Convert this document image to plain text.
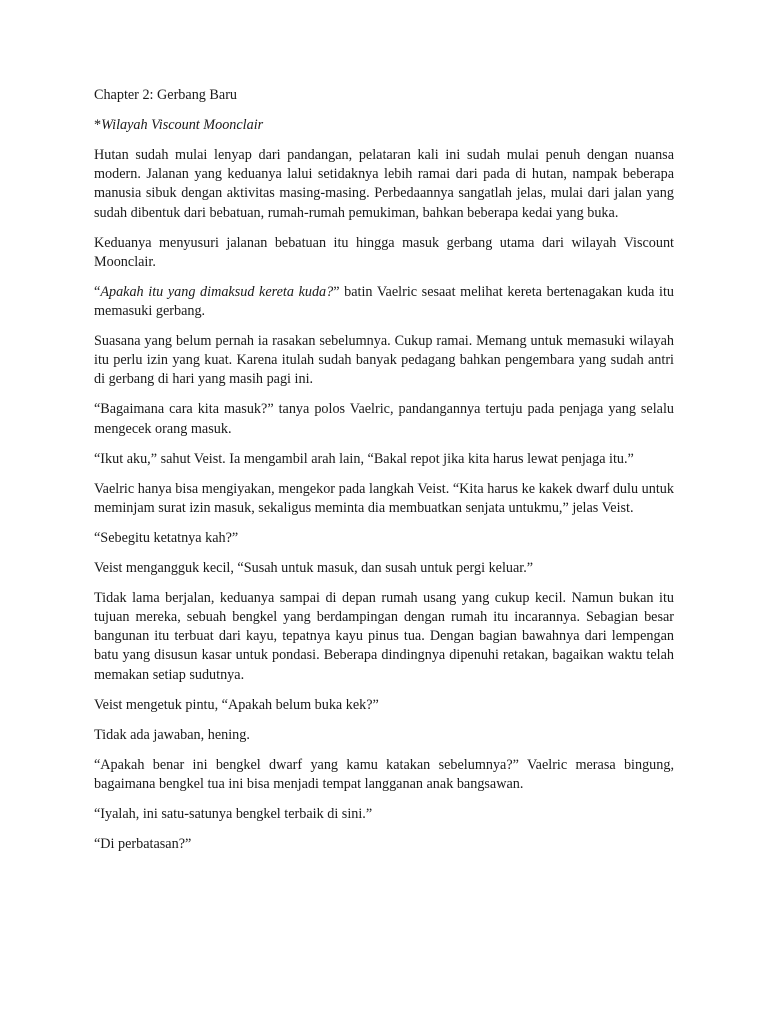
Chapter 2: Gerbang Baru

*Wilayah Viscount Moonclair

Hutan sudah mulai lenyap dari pandangan, pelataran kali ini sudah mulai penuh dengan nuansa modern. Jalanan yang keduanya lalui setidaknya lebih ramai dari pada di hutan, nampak beberapa manusia sibuk dengan aktivitas masing-masing. Perbedaannya sangatlah jelas, mulai dari jalan yang sudah dibentuk dari bebatuan, rumah-rumah pemukiman, bahkan beberapa kedai yang buka.

Keduanya menyusuri jalanan bebatuan itu hingga masuk gerbang utama dari wilayah Viscount Moonclair.

“Apakah itu yang dimaksud kereta kuda?” batin Vaelric sesaat melihat kereta bertenagakan kuda itu memasuki gerbang.

Suasana yang belum pernah ia rasakan sebelumnya. Cukup ramai. Memang untuk memasuki wilayah itu perlu izin yang kuat. Karena itulah sudah banyak pedagang bahkan pengembara yang sudah antri di gerbang di hari yang masih pagi ini.

“Bagaimana cara kita masuk?” tanya polos Vaelric, pandangannya tertuju pada penjaga yang selalu mengecek orang masuk.

“Ikut aku,” sahut Veist. Ia mengambil arah lain, “Bakal repot jika kita harus lewat penjaga itu.”

Vaelric hanya bisa mengiyakan, mengekor pada langkah Veist. “Kita harus ke kakek dwarf dulu untuk meminjam surat izin masuk, sekaligus meminta dia membuatkan senjata untukmu,” jelas Veist.

“Sebegitu ketatnya kah?”

Veist mengangguk kecil, “Susah untuk masuk, dan susah untuk pergi keluar.”

Tidak lama berjalan, keduanya sampai di depan rumah usang yang cukup kecil. Namun bukan itu tujuan mereka, sebuah bengkel yang berdampingan dengan rumah itu incarannya. Sebagian besar bangunan itu terbuat dari kayu, tepatnya kayu pinus tua. Dengan bagian bawahnya dari lempengan batu yang disusun kasar untuk pondasi. Beberapa dindingnya dipenuhi retakan, bagaikan waktu telah memakan setiap sudutnya.

Veist mengetuk pintu, “Apakah belum buka kek?”

Tidak ada jawaban, hening.

“Apakah benar ini bengkel dwarf yang kamu katakan sebelumnya?” Vaelric merasa bingung, bagaimana bengkel tua ini bisa menjadi tempat langganan anak bangsawan.

“Iyalah, ini satu-satunya bengkel terbaik di sini.”

“Di perbatasan?”
